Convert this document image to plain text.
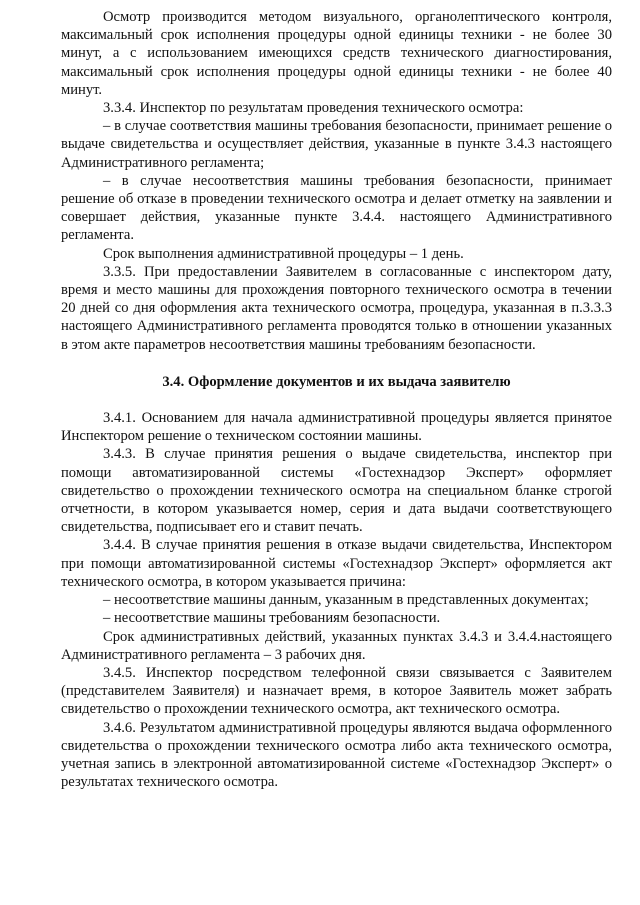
Осмотр производится методом визуального, органолептического контроля, максимальный срок исполнения процедуры одной единицы техники - не более 30 минут, а с использованием имеющихся средств технического диагностирования, максимальный срок исполнения процедуры одной единицы техники - не более 40 минут.

3.3.4. Инспектор по результатам проведения технического осмотра:

– в случае соответствия машины требования безопасности, принимает решение о выдаче свидетельства и осуществляет действия, указанные в пункте 3.4.3 настоящего Административного регламента;

– в случае несоответствия машины требования безопасности, принимает решение об отказе в проведении технического осмотра и делает отметку на заявлении и совершает действия, указанные пункте 3.4.4. настоящего Административного регламента.

Срок выполнения административной процедуры – 1 день.

3.3.5. При предоставлении Заявителем в согласованные с инспектором дату, время и место машины для прохождения повторного технического осмотра в течении 20 дней со дня оформления акта технического осмотра, процедура, указанная в п.3.3.3 настоящего Административного регламента проводятся только в отношении указанных в этом акте параметров несоответствия машины требованиям безопасности.

3.4. Оформление документов и их выдача заявителю

3.4.1. Основанием для начала административной процедуры является принятое Инспектором решение о техническом состоянии машины.

3.4.3. В случае принятия решения о выдаче свидетельства, инспектор при помощи автоматизированной системы «Гостехнадзор Эксперт» оформляет свидетельство о прохождении технического осмотра на специальном бланке строгой отчетности, в котором указывается номер, серия и дата выдачи соответствующего свидетельства, подписывает его и ставит печать.

3.4.4. В случае принятия решения в отказе выдачи свидетельства, Инспектором при помощи автоматизированной системы «Гостехнадзор Эксперт» оформляется акт технического осмотра, в котором указывается причина:

– несоответствие машины данным, указанным в представленных документах;

– несоответствие машины требованиям безопасности.

Срок административных действий, указанных пунктах 3.4.3 и 3.4.4.настоящего Административного регламента – 3 рабочих дня.

3.4.5. Инспектор посредством телефонной связи связывается с Заявителем (представителем Заявителя) и назначает время, в которое Заявитель может забрать свидетельство о прохождении технического осмотра, акт технического осмотра.

3.4.6. Результатом административной процедуры являются выдача оформленного свидетельства о прохождении технического осмотра либо акта технического осмотра, учетная запись в электронной автоматизированной системе «Гостехнадзор Эксперт» о результатах технического осмотра.
